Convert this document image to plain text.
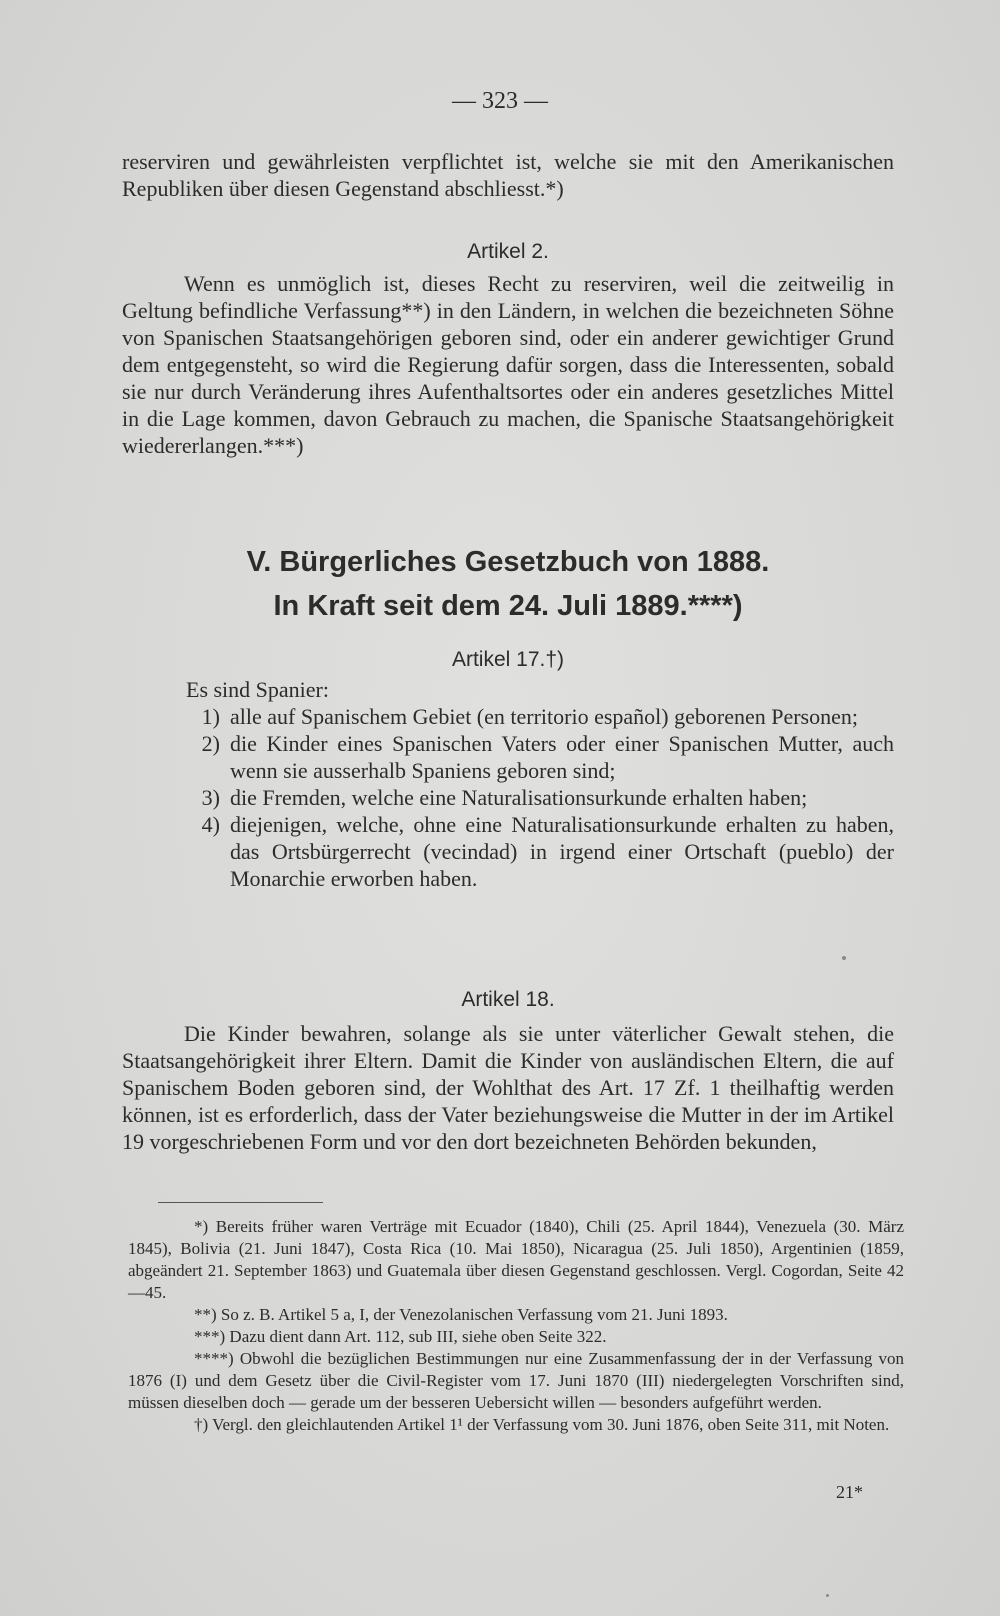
— 323 —

reserviren und gewährleisten verpflichtet ist, welche sie mit den Amerikanischen Republiken über diesen Gegenstand abschliesst.*)

Artikel 2.

Wenn es unmöglich ist, dieses Recht zu reserviren, weil die zeitweilig in Geltung befindliche Verfassung**) in den Ländern, in welchen die bezeichneten Söhne von Spanischen Staatsangehörigen geboren sind, oder ein anderer gewichtiger Grund dem entgegensteht, so wird die Regierung dafür sorgen, dass die Interessenten, sobald sie nur durch Veränderung ihres Aufenthaltsortes oder ein anderes gesetzliches Mittel in die Lage kommen, davon Gebrauch zu machen, die Spanische Staatsangehörigkeit wiedererlangen.***)

V. Bürgerliches Gesetzbuch von 1888.

In Kraft seit dem 24. Juli 1889.****)

Artikel 17.†)

Es sind Spanier:

1) alle auf Spanischem Gebiet (en territorio español) geborenen Personen;
2) die Kinder eines Spanischen Vaters oder einer Spanischen Mutter, auch wenn sie ausserhalb Spaniens geboren sind;
3) die Fremden, welche eine Naturalisationsurkunde erhalten haben;
4) diejenigen, welche, ohne eine Naturalisationsurkunde erhalten zu haben, das Ortsbürgerrecht (vecindad) in irgend einer Ortschaft (pueblo) der Monarchie erworben haben.

Artikel 18.

Die Kinder bewahren, solange als sie unter väterlicher Gewalt stehen, die Staatsangehörigkeit ihrer Eltern. Damit die Kinder von ausländischen Eltern, die auf Spanischem Boden geboren sind, der Wohlthat des Art. 17 Zf. 1 theilhaftig werden können, ist es erforderlich, dass der Vater beziehungsweise die Mutter in der im Artikel 19 vorgeschriebenen Form und vor den dort bezeichneten Behörden bekunden,

*) Bereits früher waren Verträge mit Ecuador (1840), Chili (25. April 1844), Venezuela (30. März 1845), Bolivia (21. Juni 1847), Costa Rica (10. Mai 1850), Nicaragua (25. Juli 1850), Argentinien (1859, abgeändert 21. September 1863) und Guatemala über diesen Gegenstand geschlossen. Vergl. Cogordan, Seite 42—45.

**) So z. B. Artikel 5 a, I, der Venezolanischen Verfassung vom 21. Juni 1893.

***) Dazu dient dann Art. 112, sub III, siehe oben Seite 322.

****) Obwohl die bezüglichen Bestimmungen nur eine Zusammenfassung der in der Verfassung von 1876 (I) und dem Gesetz über die Civil-Register vom 17. Juni 1870 (III) niedergelegten Vorschriften sind, müssen dieselben doch — gerade um der besseren Uebersicht willen — besonders aufgeführt werden.

†) Vergl. den gleichlautenden Artikel 1¹ der Verfassung vom 30. Juni 1876, oben Seite 311, mit Noten.

21*
